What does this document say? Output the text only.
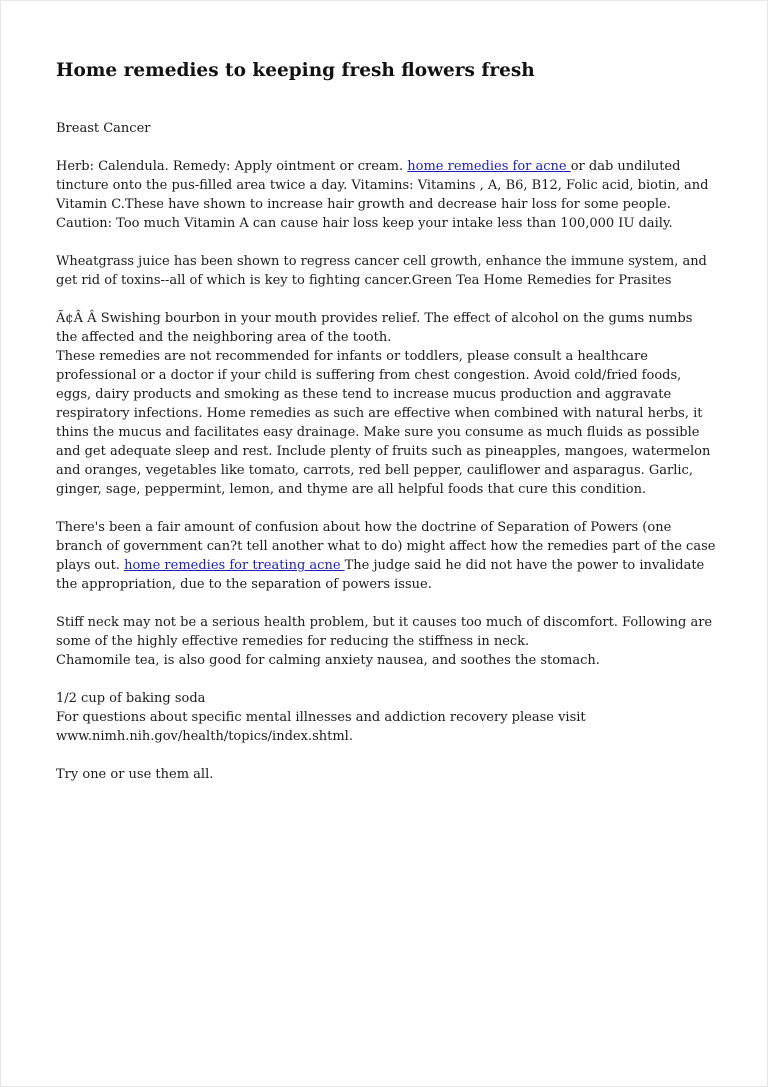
Home remedies to keeping fresh flowers fresh

Breast Cancer

Herb: Calendula. Remedy: Apply ointment or cream. home remedies for acne or dab undiluted tincture onto the pus-filled area twice a day. Vitamins: Vitamins , A, B6, B12, Folic acid, biotin, and Vitamin C.These have shown to increase hair growth and decrease hair loss for some people. Caution: Too much Vitamin A can cause hair loss keep your intake less than 100,000 IU daily.

Wheatgrass juice has been shown to regress cancer cell growth, enhance the immune system, and get rid of toxins--all of which is key to fighting cancer.Green Tea Home Remedies for Prasites

Ã¢Â Â Swishing bourbon in your mouth provides relief. The effect of alcohol on the gums numbs the affected and the neighboring area of the tooth.
These remedies are not recommended for infants or toddlers, please consult a healthcare professional or a doctor if your child is suffering from chest congestion. Avoid cold/fried foods, eggs, dairy products and smoking as these tend to increase mucus production and aggravate respiratory infections. Home remedies as such are effective when combined with natural herbs, it thins the mucus and facilitates easy drainage. Make sure you consume as much fluids as possible and get adequate sleep and rest. Include plenty of fruits such as pineapples, mangoes, watermelon and oranges, vegetables like tomato, carrots, red bell pepper, cauliflower and asparagus. Garlic, ginger, sage, peppermint, lemon, and thyme are all helpful foods that cure this condition.

There's been a fair amount of confusion about how the doctrine of Separation of Powers (one branch of government can?t tell another what to do) might affect how the remedies part of the case plays out. home remedies for treating acne The judge said he did not have the power to invalidate the appropriation, due to the separation of powers issue.

Stiff neck may not be a serious health problem, but it causes too much of discomfort. Following are some of the highly effective remedies for reducing the stiffness in neck.
Chamomile tea, is also good for calming anxiety nausea, and soothes the stomach.

1/2 cup of baking soda
For questions about specific mental illnesses and addiction recovery please visit www.nimh.nih.gov/health/topics/index.shtml.

Try one or use them all.
